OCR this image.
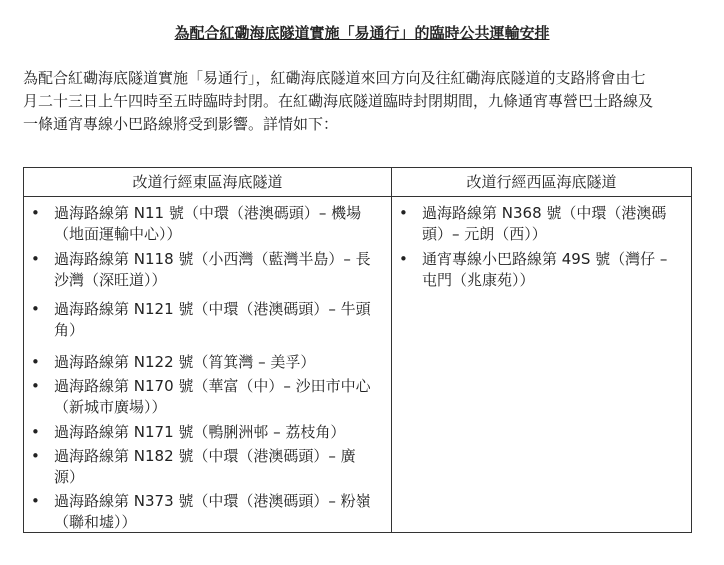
為配合紅磡海底隧道實施「易通行」的臨時公共運輸安排

為配合紅磡海底隧道實施「易通行」，紅磡海底隧道來回方向及往紅磡海底隧道的支路將會由七

月二十三日上午四時至五時臨時封閉。在紅磡海底隧道臨時封閉期間，九條通宵專營巴士路線及

一條通宵專線小巴路線將受到影響。詳情如下：

改道行經東區海底隧道
• 過海路線第 N11 號（中環（港澳碼頭）– 機場
（地面運輸中心））
• 過海路線第 N118 號（小西灣（藍灣半島）– 長
沙灣（深旺道））
• 過海路線第 N121 號（中環（港澳碼頭）– 牛頭
角）
• 過海路線第 N122 號（筲箕灣 – 美孚）
• 過海路線第 N170 號（華富（中）– 沙田市中心
（新城市廣場））
• 過海路線第 N171 號（鴨脷洲邨 – 荔枝角）
• 過海路線第 N182 號（中環（港澳碼頭）– 廣
源）
• 過海路線第 N373 號（中環（港澳碼頭）– 粉嶺
（聯和墟））
改道行經西區海底隧道
• 過海路線第 N368 號（中環（港澳碼
頭）– 元朗（西））
• 通宵專線小巴路線第 49S 號（灣仔 –
屯門（兆康苑））
